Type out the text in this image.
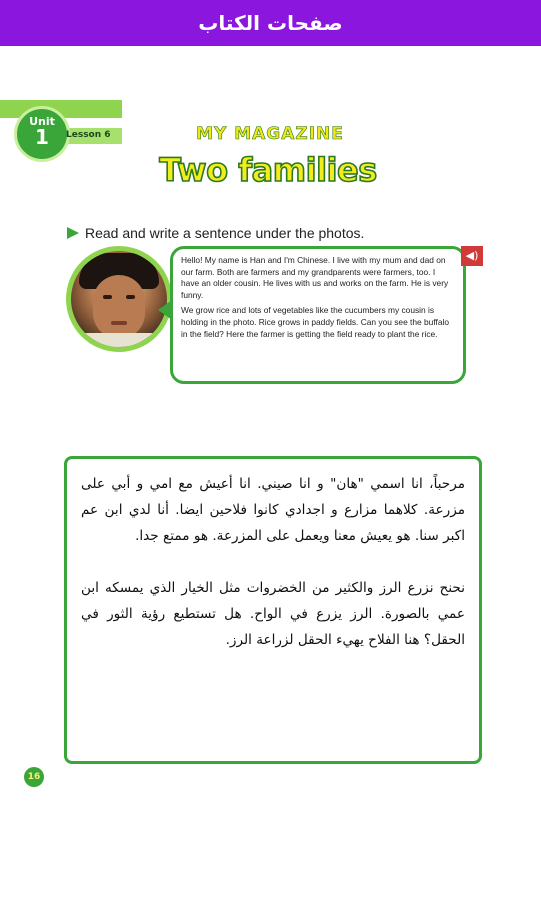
صفحات الكتاب
Unit
1	Lesson 6	MY MAGAZINE
Two families
Read and write a sentence under the photos.

Hello! My name is Han and I'm Chinese. I live with my mum and dad on our farm. Both are farmers and my grandparents were farmers, too. I have an older cousin. He lives with us and works on the farm. He is very funny.

We grow rice and lots of vegetables like the cucumbers my cousin is holding in the photo. Rice grows in paddy fields. Can you see the buffalo in the field? Here the farmer is getting the field ready to plant the rice.

◀)

مرحباً، انا اسمي "هان" و انا صيني. انا أعيش مع امي و أبي على مزرعة. كلاهما مزارع و اجدادي كانوا فلاحين ايضا. أنا لدي ابن عم اكبر سنا. هو يعيش معنا ويعمل على المزرعة. هو ممتع جدا.

نحنح نزرع الرز والكثير من الخضروات مثل الخيار الذي يمسكه ابن عمي بالصورة. الرز يزرع في الواح. هل تستطيع رؤية الثور في الحقل؟ هنا الفلاح يهيء الحقل لزراعة الرز.

16
